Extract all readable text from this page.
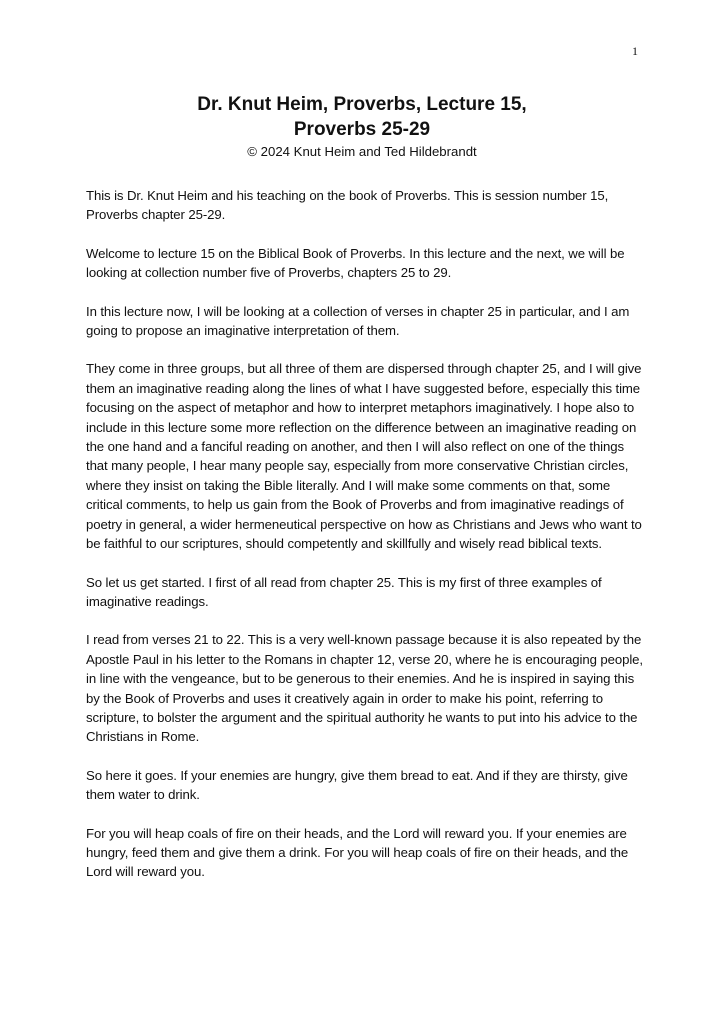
1
Dr. Knut Heim, Proverbs, Lecture 15,
Proverbs 25-29

© 2024 Knut Heim and Ted Hildebrandt

This is Dr. Knut Heim and his teaching on the book of Proverbs. This is session number 15, Proverbs chapter 25-29.

Welcome to lecture 15 on the Biblical Book of Proverbs. In this lecture and the next, we will be looking at collection number five of Proverbs, chapters 25 to 29.

In this lecture now, I will be looking at a collection of verses in chapter 25 in particular, and I am going to propose an imaginative interpretation of them.

They come in three groups, but all three of them are dispersed through chapter 25, and I will give them an imaginative reading along the lines of what I have suggested before, especially this time focusing on the aspect of metaphor and how to interpret metaphors imaginatively. I hope also to include in this lecture some more reflection on the difference between an imaginative reading on the one hand and a fanciful reading on another, and then I will also reflect on one of the things that many people, I hear many people say, especially from more conservative Christian circles, where they insist on taking the Bible literally. And I will make some comments on that, some critical comments, to help us gain from the Book of Proverbs and from imaginative readings of poetry in general, a wider hermeneutical perspective on how as Christians and Jews who want to be faithful to our scriptures, should competently and skillfully and wisely read biblical texts.

So let us get started. I first of all read from chapter 25. This is my first of three examples of imaginative readings.

I read from verses 21 to 22. This is a very well-known passage because it is also repeated by the Apostle Paul in his letter to the Romans in chapter 12, verse 20, where he is encouraging people, in line with the vengeance, but to be generous to their enemies. And he is inspired in saying this by the Book of Proverbs and uses it creatively again in order to make his point, referring to scripture, to bolster the argument and the spiritual authority he wants to put into his advice to the Christians in Rome.

So here it goes. If your enemies are hungry, give them bread to eat. And if they are thirsty, give them water to drink.

For you will heap coals of fire on their heads, and the Lord will reward you. If your enemies are hungry, feed them and give them a drink. For you will heap coals of fire on their heads, and the Lord will reward you.
